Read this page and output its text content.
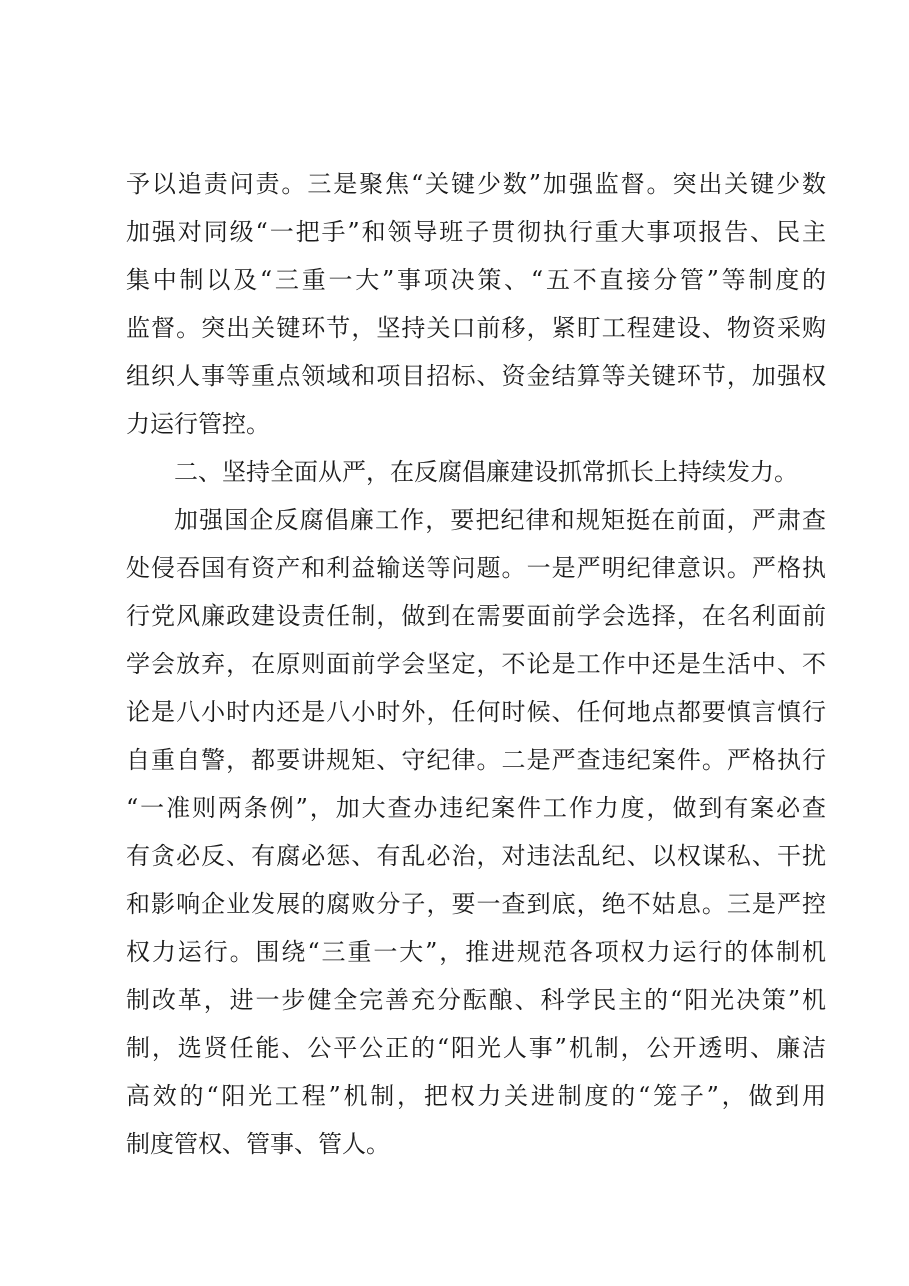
予以追责问责。三是聚焦“关键少数”加强监督。突出关键少数
加强对同级“一把手”和领导班子贯彻执行重大事项报告、民主
集中制以及“三重一大”事项决策、“五不直接分管”等制度的
监督。突出关键环节，坚持关口前移，紧盯工程建设、物资采购
组织人事等重点领域和项目招标、资金结算等关键环节，加强权
力运行管控。
二、坚持全面从严，在反腐倡廉建设抓常抓长上持续发力。
加强国企反腐倡廉工作，要把纪律和规矩挺在前面，严肃查
处侵吞国有资产和利益输送等问题。一是严明纪律意识。严格执
行党风廉政建设责任制，做到在需要面前学会选择，在名利面前
学会放弃，在原则面前学会坚定，不论是工作中还是生活中、不
论是八小时内还是八小时外，任何时候、任何地点都要慎言慎行
自重自警，都要讲规矩、守纪律。二是严查违纪案件。严格执行
“一准则两条例”，加大查办违纪案件工作力度，做到有案必查
有贪必反、有腐必惩、有乱必治，对违法乱纪、以权谋私、干扰
和影响企业发展的腐败分子，要一查到底，绝不姑息。三是严控
权力运行。围绕“三重一大”，推进规范各项权力运行的体制机
制改革，进一步健全完善充分酝酿、科学民主的“阳光决策”机
制，选贤任能、公平公正的“阳光人事”机制，公开透明、廉洁
高效的“阳光工程”机制，把权力关进制度的“笼子”，做到用
制度管权、管事、管人。
